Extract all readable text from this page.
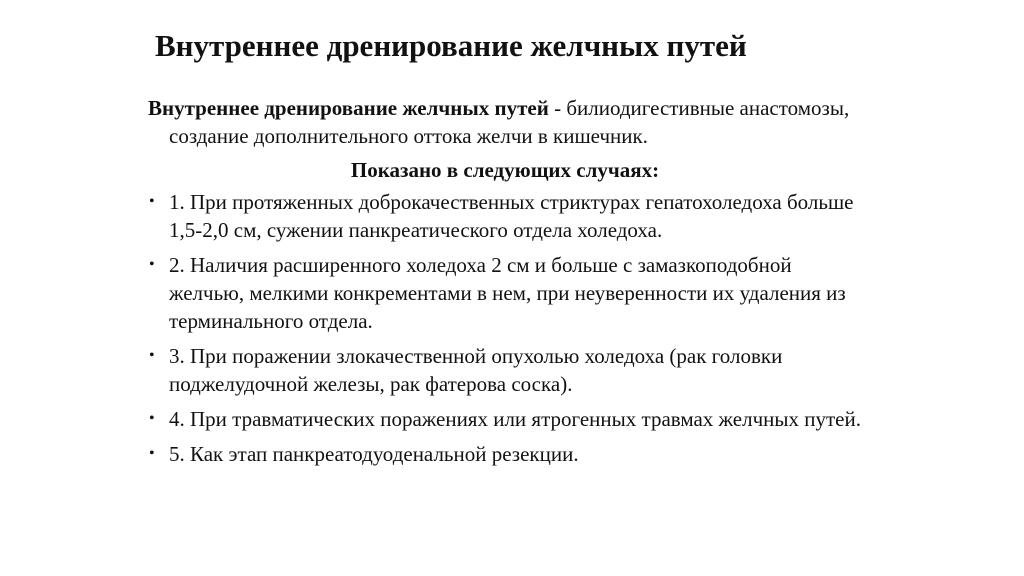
Внутреннее дренирование желчных путей

Внутреннее дренирование желчных путей - билиодигестивные анастомозы, создание дополнительного оттока желчи в кишечник.

Показано в следующих случаях:
• 1. При протяженных доброкачественных стриктурах гепатохоледоха больше 1,5-2,0 см, сужении панкреатического отдела холедоха.
• 2. Наличия расширенного холедоха 2 см и больше с замазкоподобной желчью, мелкими конкрементами в нем, при неуверенности их удаления из терминального отдела.
• 3. При поражении злокачественной опухолью холедоха (рак головки поджелудочной железы, рак фатерова соска).
• 4. При травматических поражениях или ятрогенных травмах желчных путей.
• 5. Как этап панкреатодуоденальной резекции.
